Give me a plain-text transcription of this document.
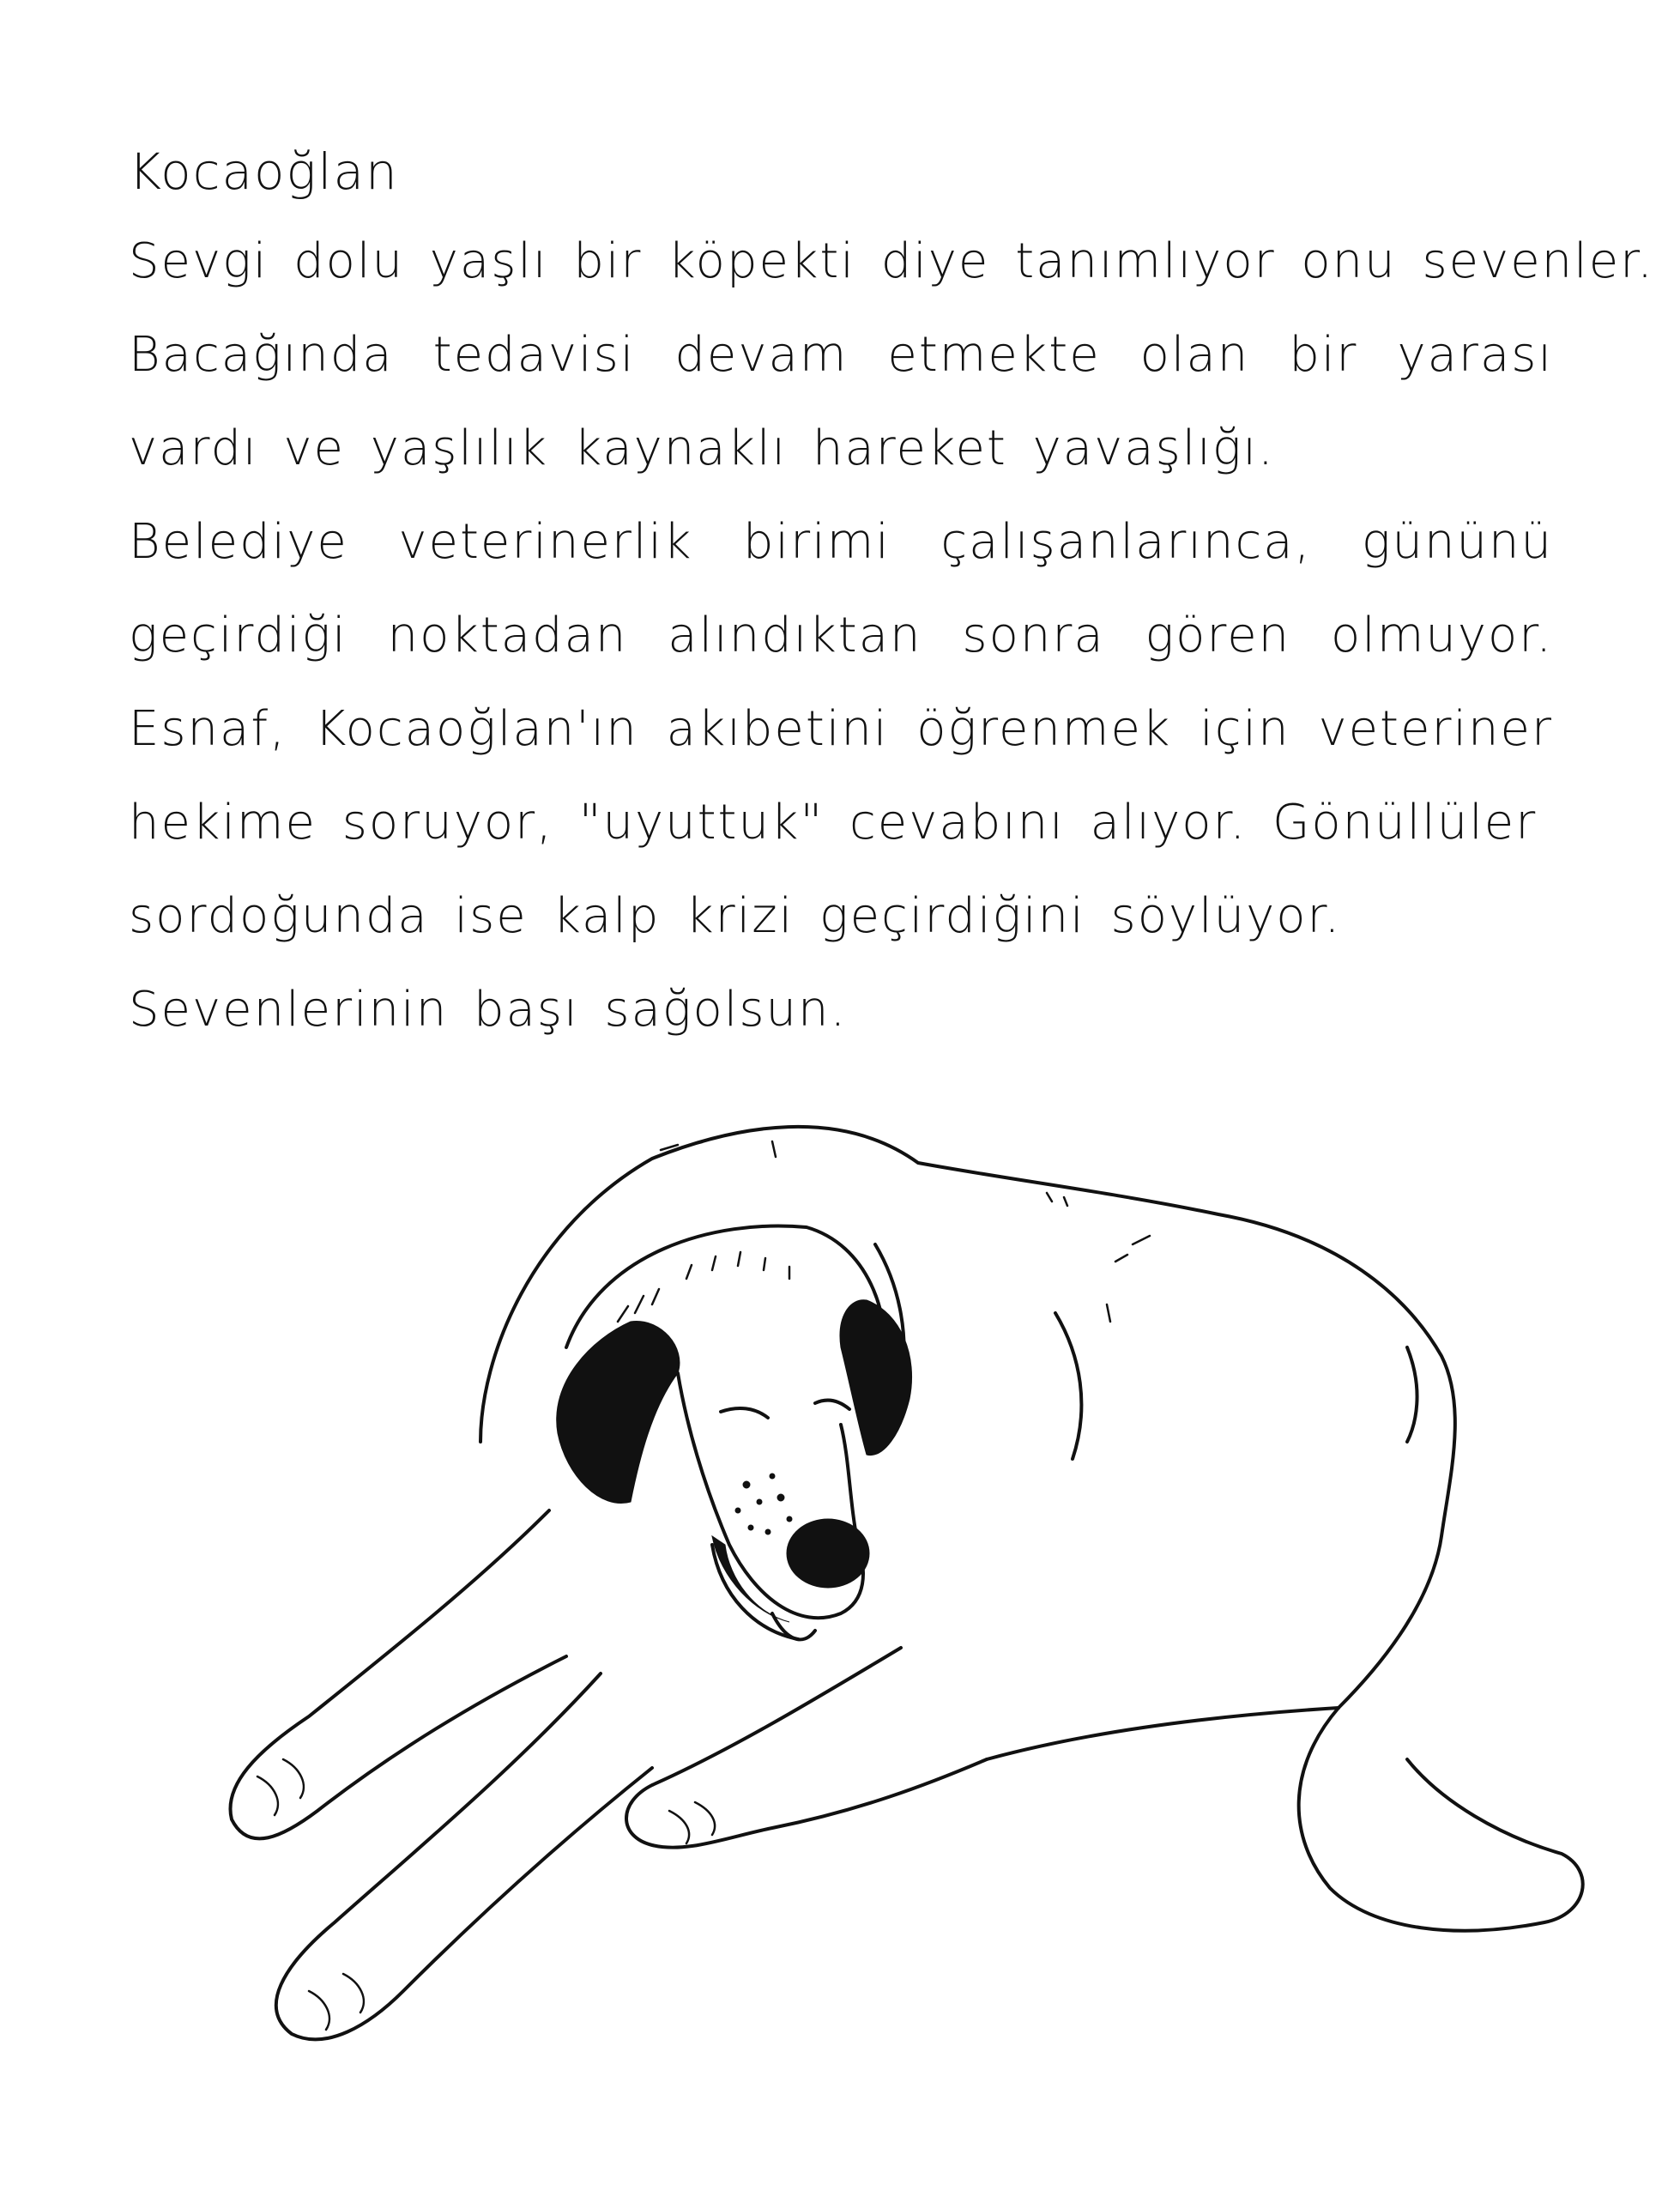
Kocaoğlan
Sevgi dolu yaşlı bir köpekti diye tanımlıyor onu sevenler.
Bacağında tedavisi devam etmekte olan bir yarası
vardı ve yaşlılık kaynaklı hareket yavaşlığı.
Belediye veterinerlik birimi çalışanlarınca, gününü
geçirdiği noktadan alındıktan sonra gören olmuyor.
Esnaf, Kocaoğlan'ın akıbetini öğrenmek için veteriner
hekime soruyor, "uyuttuk" cevabını alıyor. Gönüllüler
sordoğunda ise kalp krizi geçirdiğini söylüyor.
Sevenlerinin başı sağolsun.
